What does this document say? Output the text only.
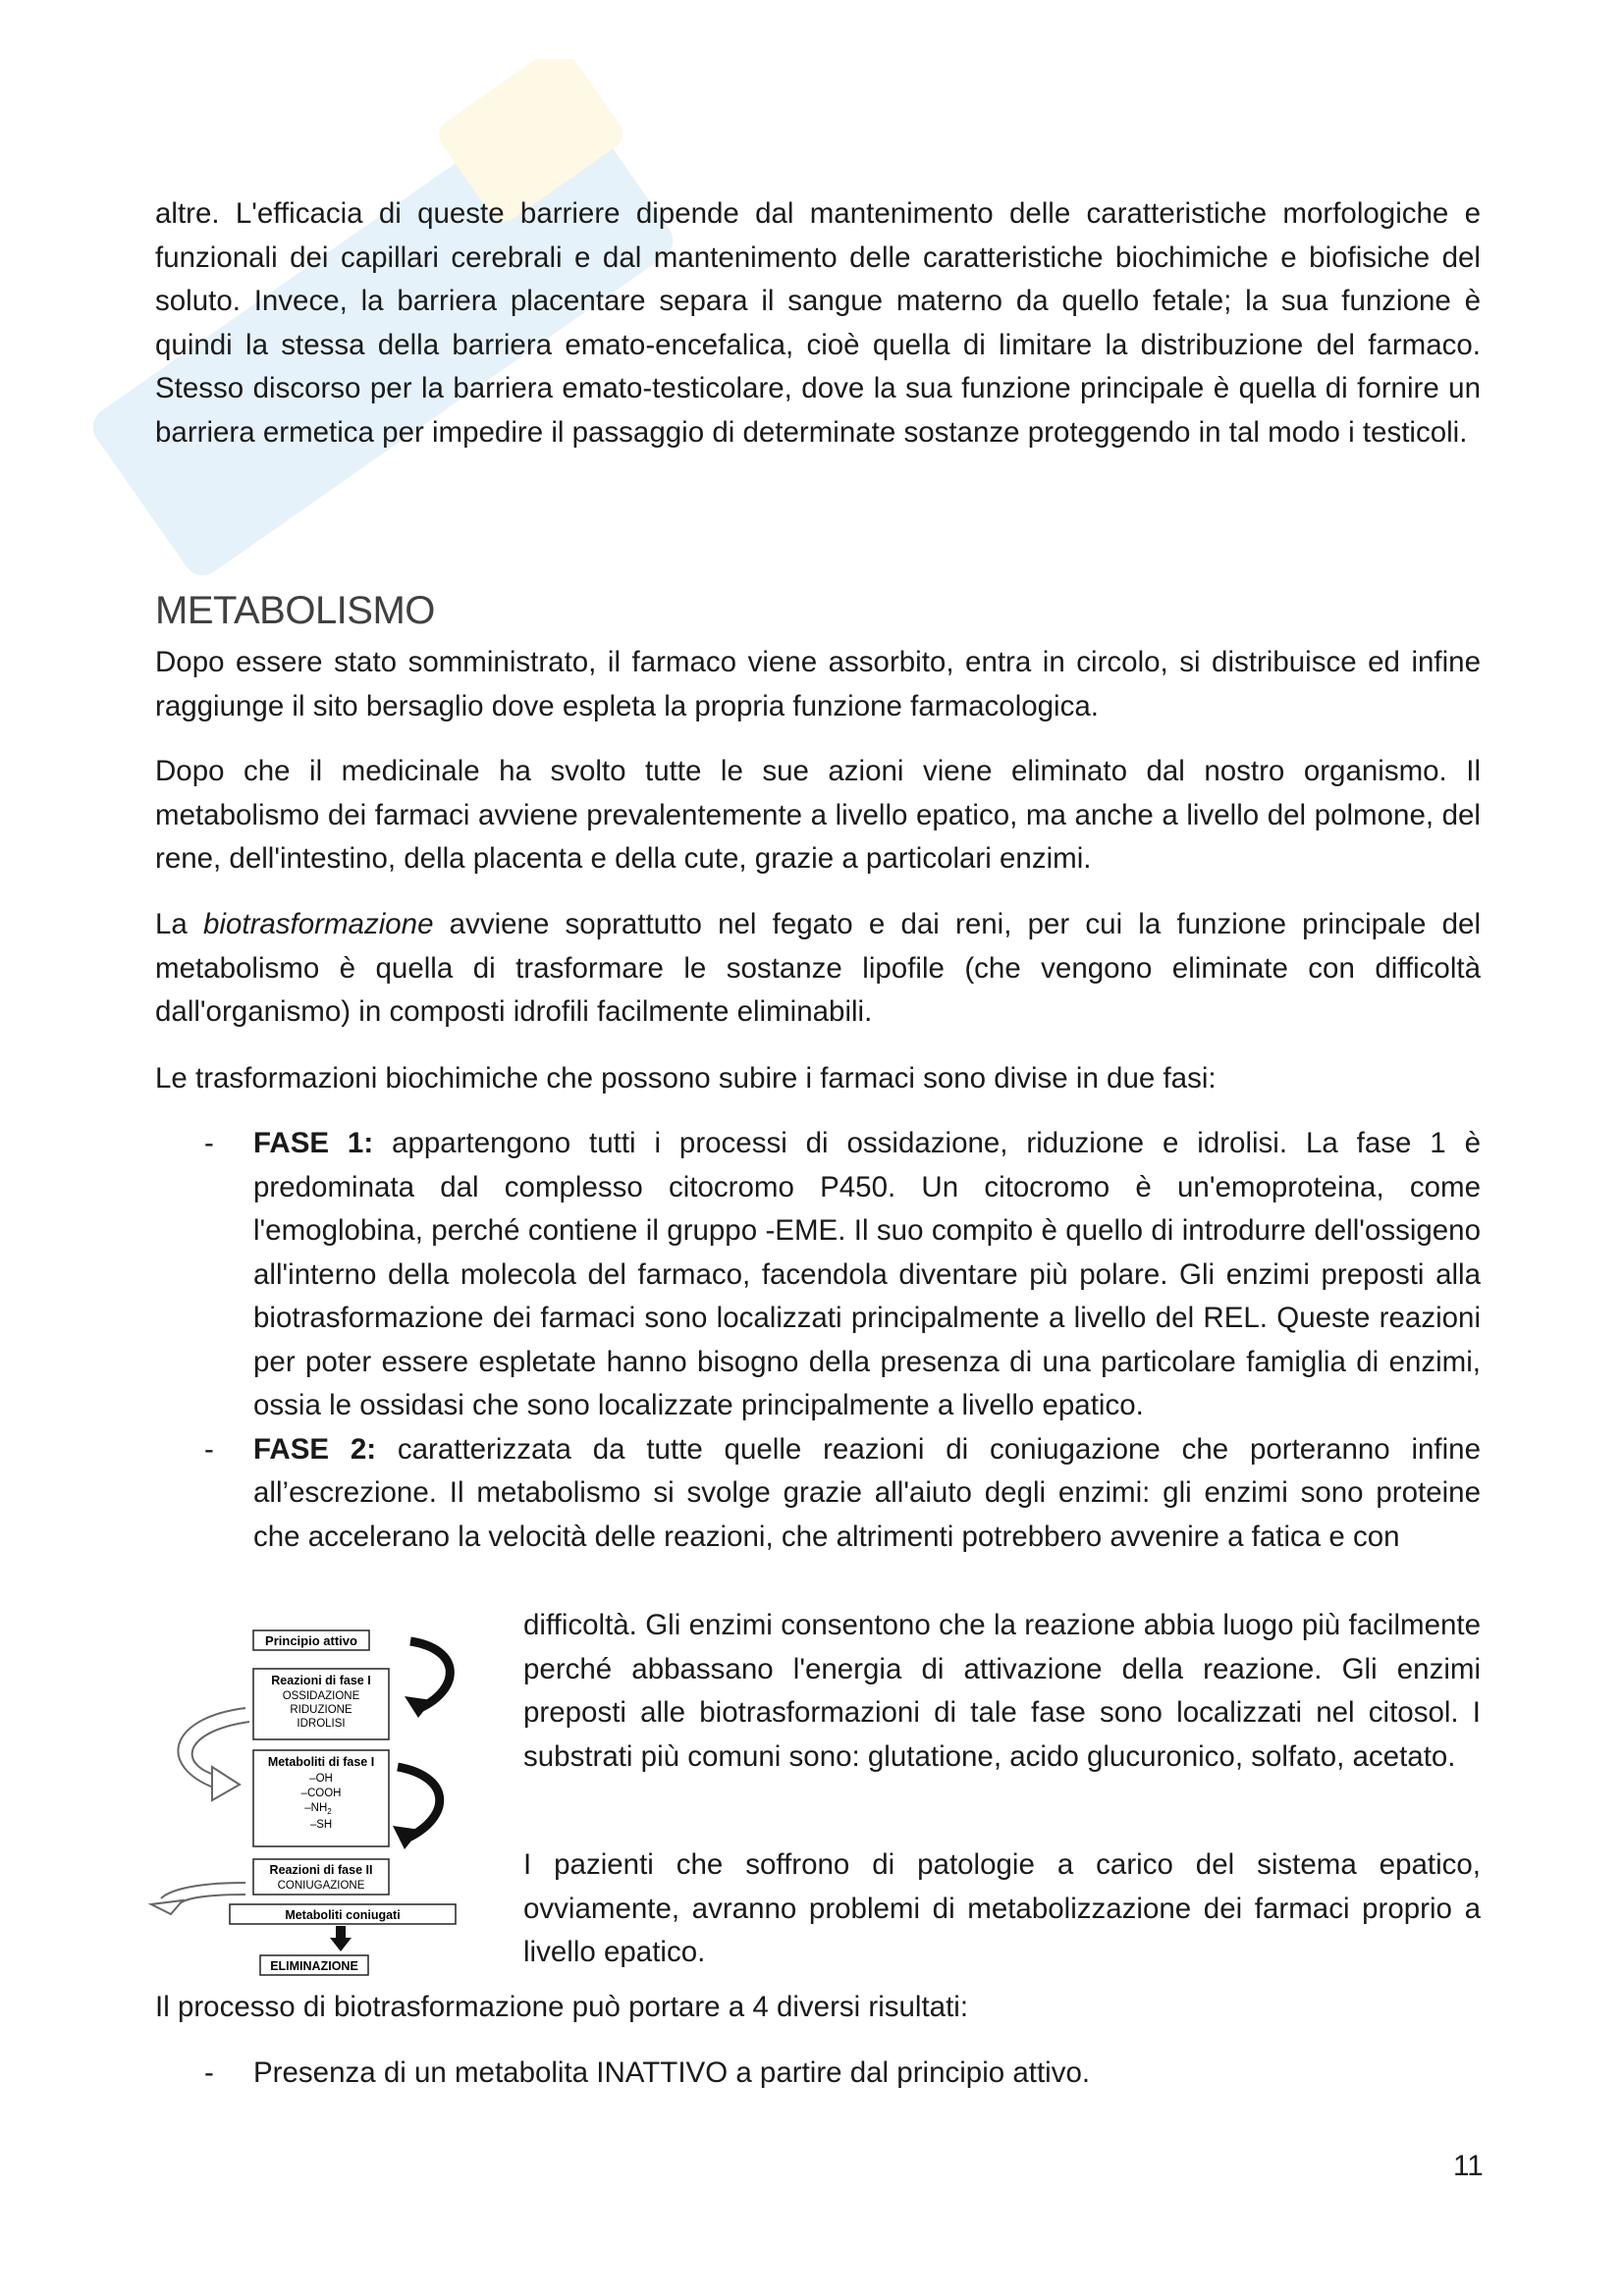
altre. L'efficacia di queste barriere dipende dal mantenimento delle caratteristiche morfologiche e funzionali dei capillari cerebrali e dal mantenimento delle caratteristiche biochimiche e biofisiche del soluto. Invece, la barriera placentare separa il sangue materno da quello fetale; la sua funzione è quindi la stessa della barriera emato-encefalica, cioè quella di limitare la distribuzione del farmaco. Stesso discorso per la barriera emato-testicolare, dove la sua funzione principale è quella di fornire un barriera ermetica per impedire il passaggio di determinate sostanze proteggendo in tal modo i testicoli.

METABOLISMO

Dopo essere stato somministrato, il farmaco viene assorbito, entra in circolo, si distribuisce ed infine raggiunge il sito bersaglio dove espleta la propria funzione farmacologica.

Dopo che il medicinale ha svolto tutte le sue azioni viene eliminato dal nostro organismo. Il metabolismo dei farmaci avviene prevalentemente a livello epatico, ma anche a livello del polmone, del rene, dell'intestino, della placenta e della cute, grazie a particolari enzimi.

La biotrasformazione avviene soprattutto nel fegato e dai reni, per cui la funzione principale del metabolismo è quella di trasformare le sostanze lipofile (che vengono eliminate con difficoltà dall'organismo) in composti idrofili facilmente eliminabili.

Le trasformazioni biochimiche che possono subire i farmaci sono divise in due fasi:

- FASE 1: appartengono tutti i processi di ossidazione, riduzione e idrolisi. La fase 1 è predominata dal complesso citocromo P450. Un citocromo è un'emoproteina, come l'emoglobina, perché contiene il gruppo -EME. Il suo compito è quello di introdurre dell'ossigeno all'interno della molecola del farmaco, facendola diventare più polare. Gli enzimi preposti alla biotrasformazione dei farmaci sono localizzati principalmente a livello del REL. Queste reazioni per poter essere espletate hanno bisogno della presenza di una particolare famiglia di enzimi, ossia le ossidasi che sono localizzate principalmente a livello epatico.
- FASE 2: caratterizzata da tutte quelle reazioni di coniugazione che porteranno infine all’escrezione. Il metabolismo si svolge grazie all'aiuto degli enzimi: gli enzimi sono proteine che accelerano la velocità delle reazioni, che altrimenti potrebbero avvenire a fatica e con

difficoltà. Gli enzimi consentono che la reazione abbia luogo più facilmente perché abbassano l'energia di attivazione della reazione. Gli enzimi preposti alle biotrasformazioni di tale fase sono localizzati nel citosol. I substrati più comuni sono: glutatione, acido glucuronico, solfato, acetato.

I pazienti che soffrono di patologie a carico del sistema epatico, ovviamente, avranno problemi di metabolizzazione dei farmaci proprio a livello epatico.

Principio attivo
Reazioni di fase I
OSSIDAZIONE
RIDUZIONE
IDROLISI
Metaboliti di fase I
–OH
–COOH
$-NH_2$
–SH
Reazioni di fase II
CONIUGAZIONE
Metaboliti coniugati
ELIMINAZIONE

Il processo di biotrasformazione può portare a 4 diversi risultati:

- Presenza di un metabolita INATTIVO a partire dal principio attivo.
11
